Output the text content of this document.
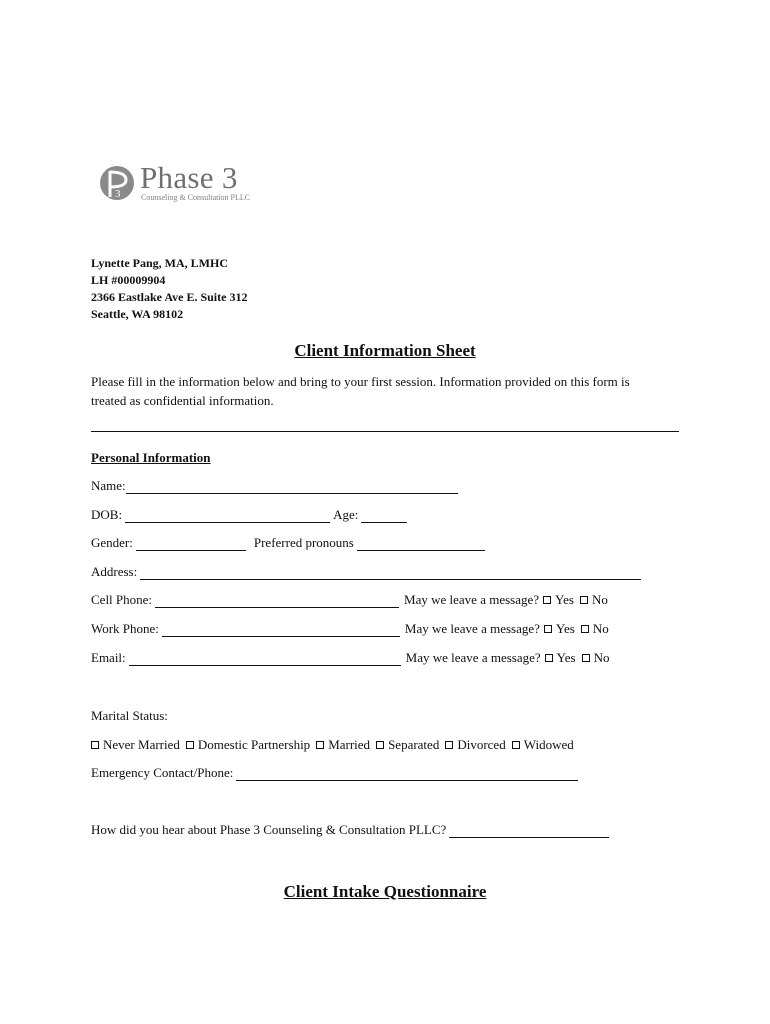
3 Phase 3
Counseling & Consultation PLLC
Lynette Pang, MA, LMHC
LH #00009904
2366 Eastlake Ave E. Suite 312
Seattle, WA 98102
Client Information Sheet
Please fill in the information below and bring to your first session. Information provided on this form is
treated as confidential information.
Personal Information
Name:
DOB:	Age:
Gender:	Preferred pronouns
Address:
Cell Phone:	May we leave a message? Yes No
Work Phone:	May we leave a message? Yes No
Email:	May we leave a message? Yes No
Marital Status:
Never Married Domestic Partnership Married Separated Divorced Widowed
Emergency Contact/Phone:
How did you hear about Phase 3 Counseling & Consultation PLLC?
Client Intake Questionnaire
